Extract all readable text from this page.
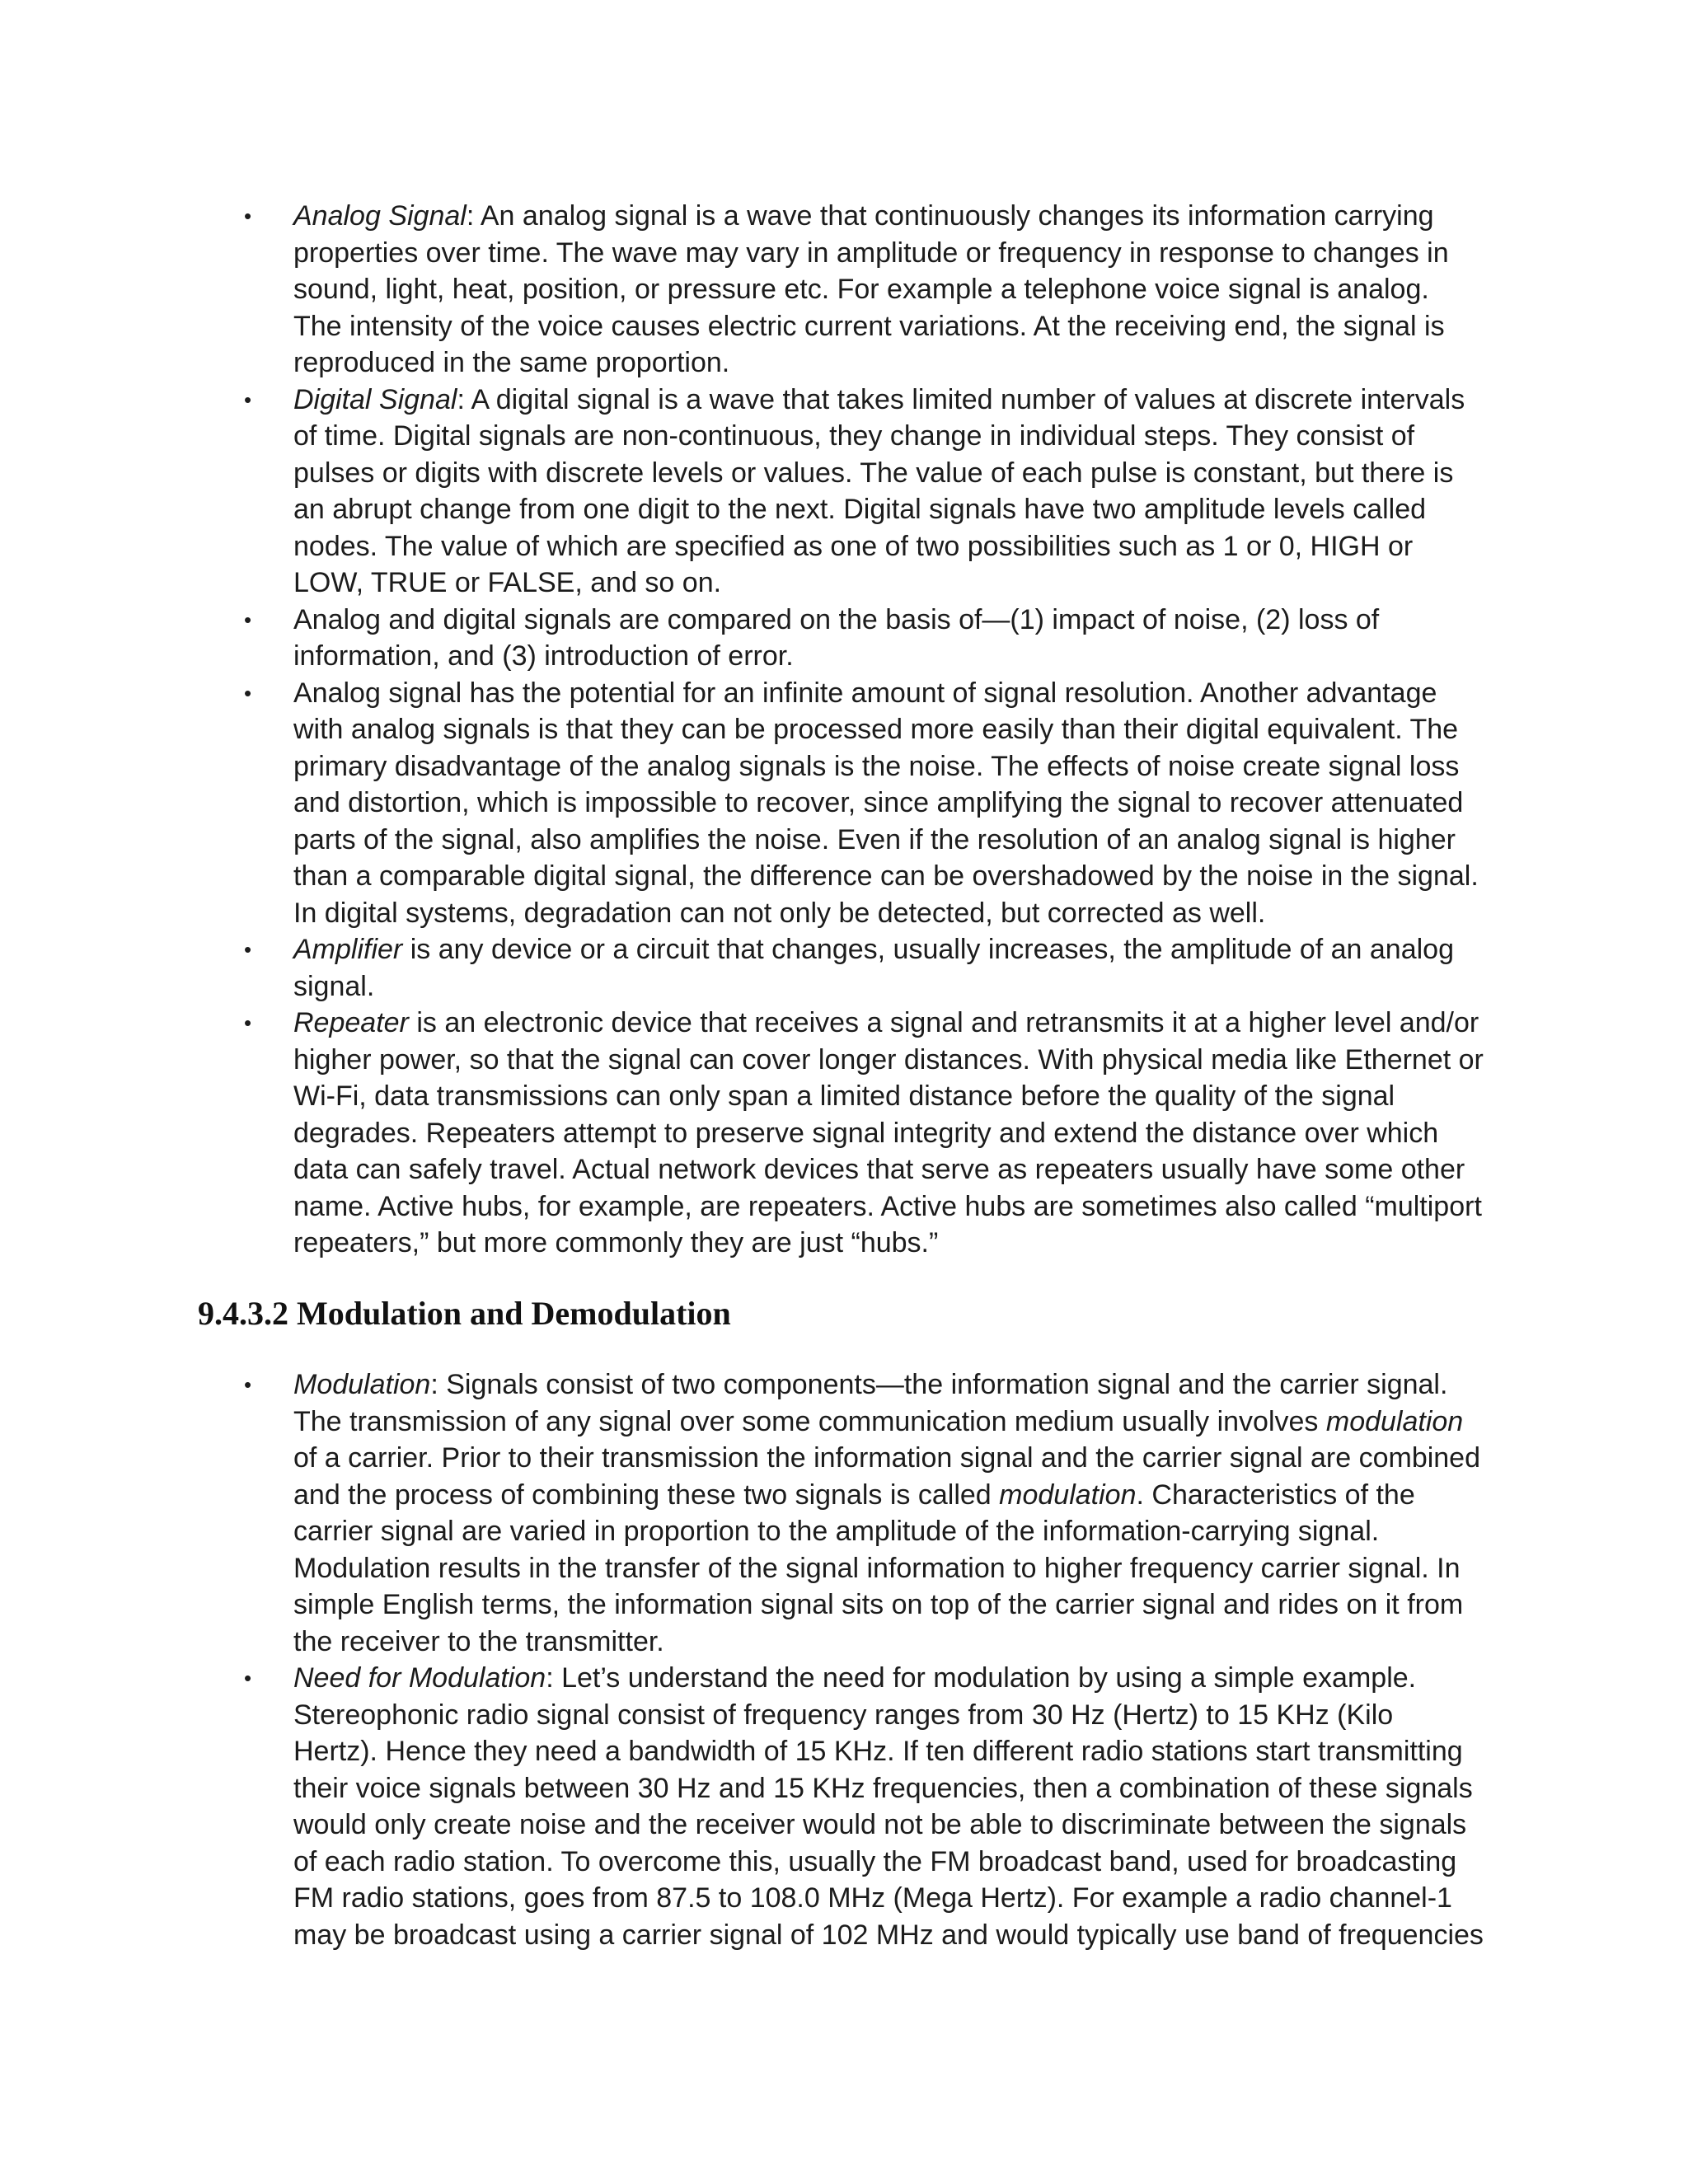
• Analog Signal: An analog signal is a wave that continuously changes its information carrying properties over time. The wave may vary in amplitude or frequency in response to changes in sound, light, heat, position, or pressure etc. For example a telephone voice signal is analog. The intensity of the voice causes electric current variations. At the receiving end, the signal is reproduced in the same proportion.
• Digital Signal: A digital signal is a wave that takes limited number of values at discrete intervals of time. Digital signals are non-continuous, they change in individual steps. They consist of pulses or digits with discrete levels or values. The value of each pulse is constant, but there is an abrupt change from one digit to the next. Digital signals have two amplitude levels called nodes. The value of which are specified as one of two possibilities such as 1 or 0, HIGH or LOW, TRUE or FALSE, and so on.
• Analog and digital signals are compared on the basis of—(1) impact of noise, (2) loss of information, and (3) introduction of error.
• Analog signal has the potential for an infinite amount of signal resolution. Another advantage with analog signals is that they can be processed more easily than their digital equivalent. The primary disadvantage of the analog signals is the noise. The effects of noise create signal loss and distortion, which is impossible to recover, since amplifying the signal to recover attenuated parts of the signal, also amplifies the noise. Even if the resolution of an analog signal is higher than a comparable digital signal, the difference can be overshadowed by the noise in the signal. In digital systems, degradation can not only be detected, but corrected as well.
• Amplifier is any device or a circuit that changes, usually increases, the amplitude of an analog signal.
• Repeater is an electronic device that receives a signal and retransmits it at a higher level and/or higher power, so that the signal can cover longer distances. With physical media like Ethernet or Wi-Fi, data transmissions can only span a limited distance before the quality of the signal degrades. Repeaters attempt to preserve signal integrity and extend the distance over which data can safely travel. Actual network devices that serve as repeaters usually have some other name. Active hubs, for example, are repeaters. Active hubs are sometimes also called “multiport repeaters,” but more commonly they are just “hubs.”
9.4.3.2 Modulation and Demodulation
• Modulation: Signals consist of two components—the information signal and the carrier signal. The transmission of any signal over some communication medium usually involves modulation of a carrier. Prior to their transmission the information signal and the carrier signal are combined and the process of combining these two signals is called modulation. Characteristics of the carrier signal are varied in proportion to the amplitude of the information-carrying signal. Modulation results in the transfer of the signal information to higher frequency carrier signal. In simple English terms, the information signal sits on top of the carrier signal and rides on it from the receiver to the transmitter.
• Need for Modulation: Let’s understand the need for modulation by using a simple example. Stereophonic radio signal consist of frequency ranges from 30 Hz (Hertz) to 15 KHz (Kilo Hertz). Hence they need a bandwidth of 15 KHz. If ten different radio stations start transmitting their voice signals between 30 Hz and 15 KHz frequencies, then a combination of these signals would only create noise and the receiver would not be able to discriminate between the signals of each radio station. To overcome this, usually the FM broadcast band, used for broadcasting FM radio stations, goes from 87.5 to 108.0 MHz (Mega Hertz). For example a radio channel-1 may be broadcast using a carrier signal of 102 MHz and would typically use band of frequencies
